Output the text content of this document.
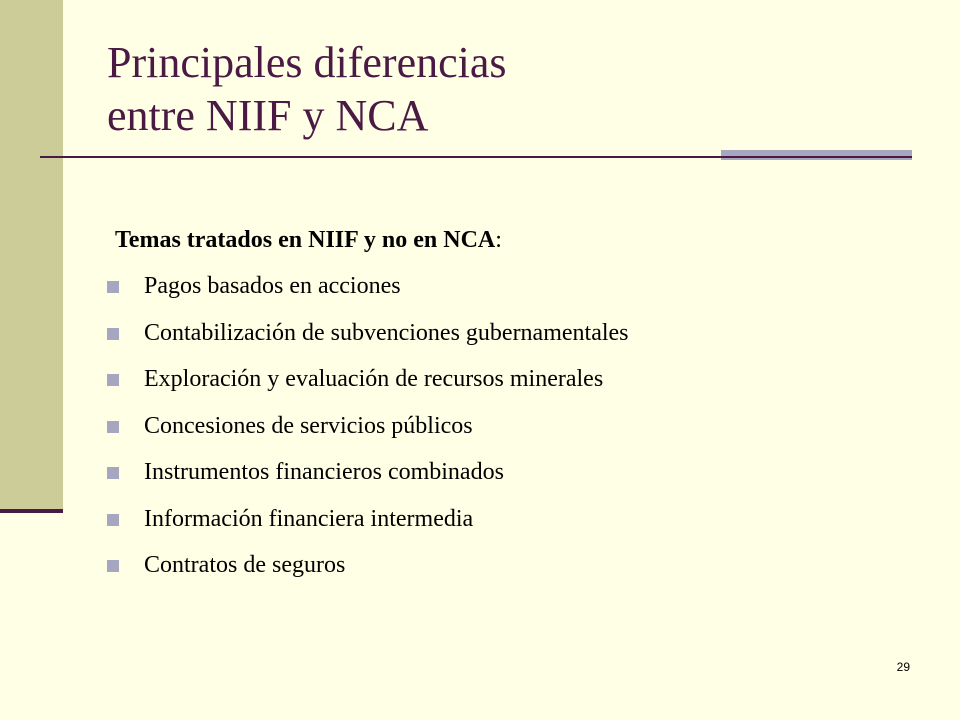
Principales diferencias
entre NIIF y NCA
Temas tratados en NIIF y no en NCA:
Pagos basados en acciones
Contabilización de subvenciones gubernamentales
Exploración y evaluación de recursos minerales
Concesiones de servicios públicos
Instrumentos financieros combinados
Información financiera intermedia
Contratos de seguros
29
